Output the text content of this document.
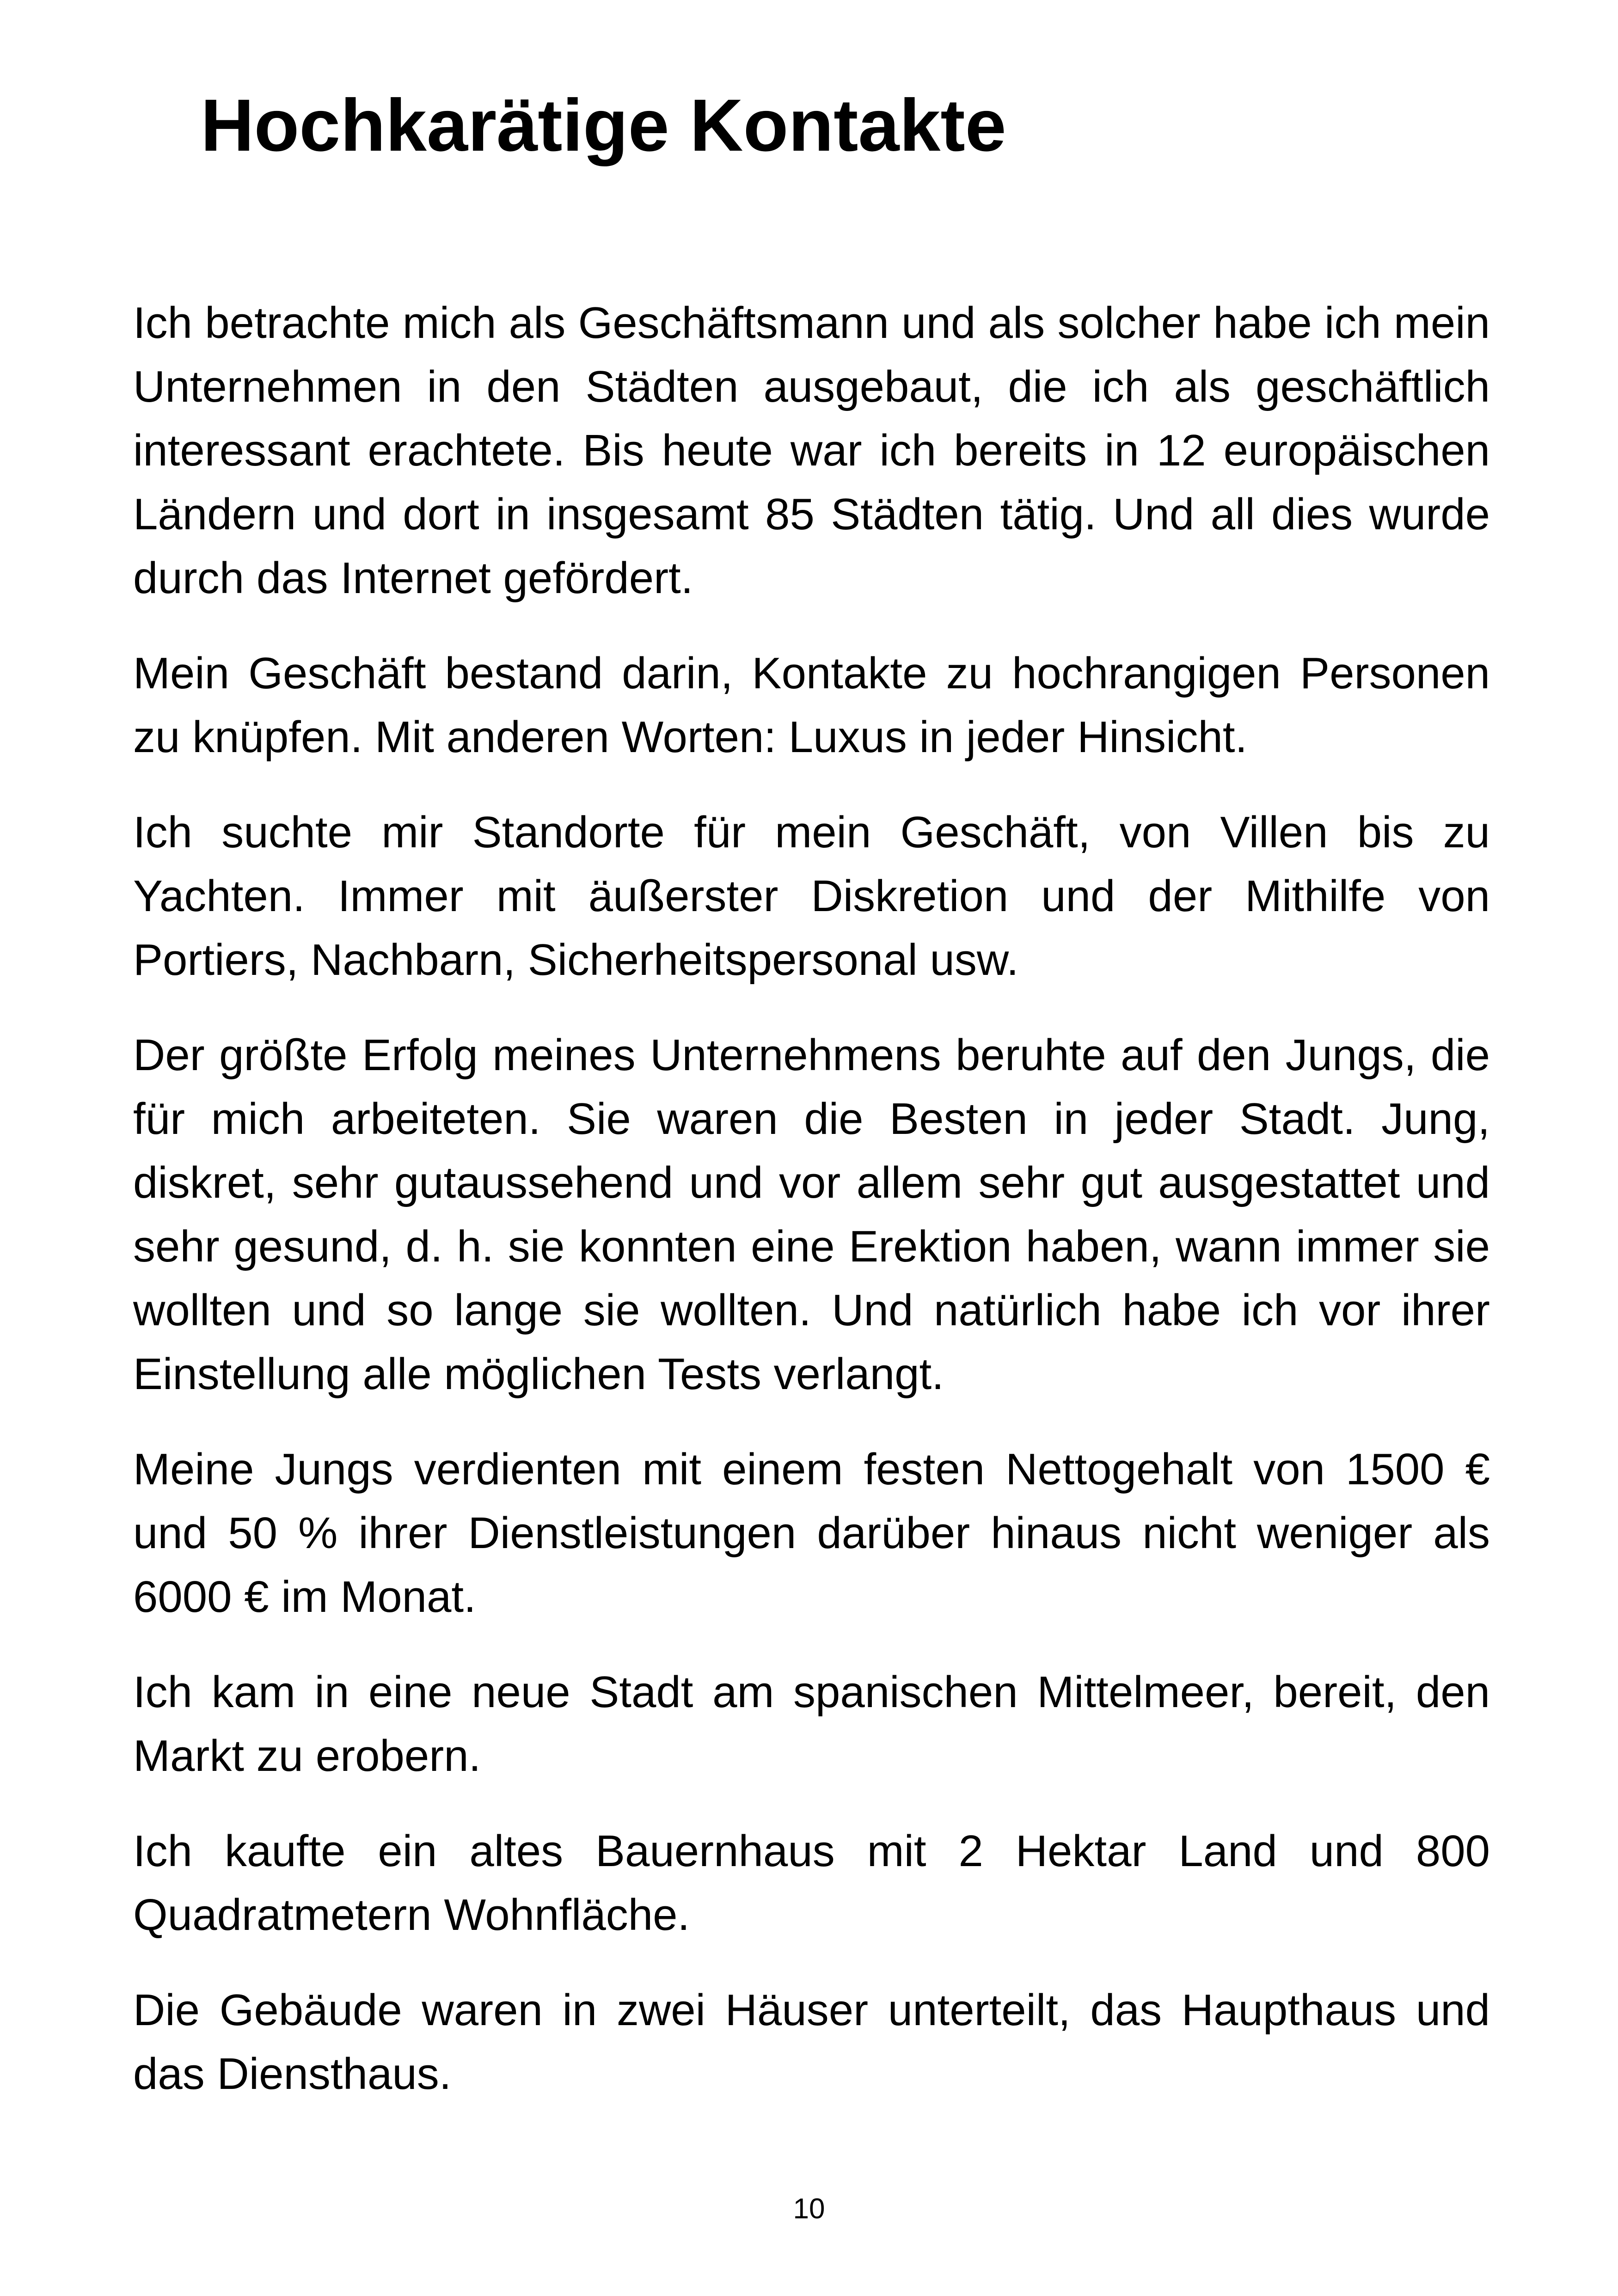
Hochkarätige Kontakte

Ich betrachte mich als Geschäftsmann und als solcher habe ich mein Unternehmen in den Städten ausgebaut, die ich als geschäftlich interessant erachtete. Bis heute war ich bereits in 12 europäischen Ländern und dort in insgesamt 85 Städten tätig. Und all dies wurde durch das Internet gefördert.

Mein Geschäft bestand darin, Kontakte zu hochrangigen Personen zu knüpfen. Mit anderen Worten: Luxus in jeder Hinsicht.

Ich suchte mir Standorte für mein Geschäft, von Villen bis zu Yachten. Immer mit äußerster Diskretion und der Mithilfe von Portiers, Nachbarn, Sicherheitspersonal usw.

Der größte Erfolg meines Unternehmens beruhte auf den Jungs, die für mich arbeiteten. Sie waren die Besten in jeder Stadt. Jung, diskret, sehr gutaussehend und vor allem sehr gut ausgestattet und sehr gesund, d. h. sie konnten eine Erektion haben, wann immer sie wollten und so lange sie wollten. Und natürlich habe ich vor ihrer Einstellung alle möglichen Tests verlangt.

Meine Jungs verdienten mit einem festen Nettogehalt von 1500 € und 50 % ihrer Dienstleistungen darüber hinaus nicht weniger als 6000 € im Monat.

Ich kam in eine neue Stadt am spanischen Mittelmeer, bereit, den Markt zu erobern.

Ich kaufte ein altes Bauernhaus mit 2 Hektar Land und 800 Quadratmetern Wohnfläche.

Die Gebäude waren in zwei Häuser unterteilt, das Haupthaus und das Diensthaus.

10
